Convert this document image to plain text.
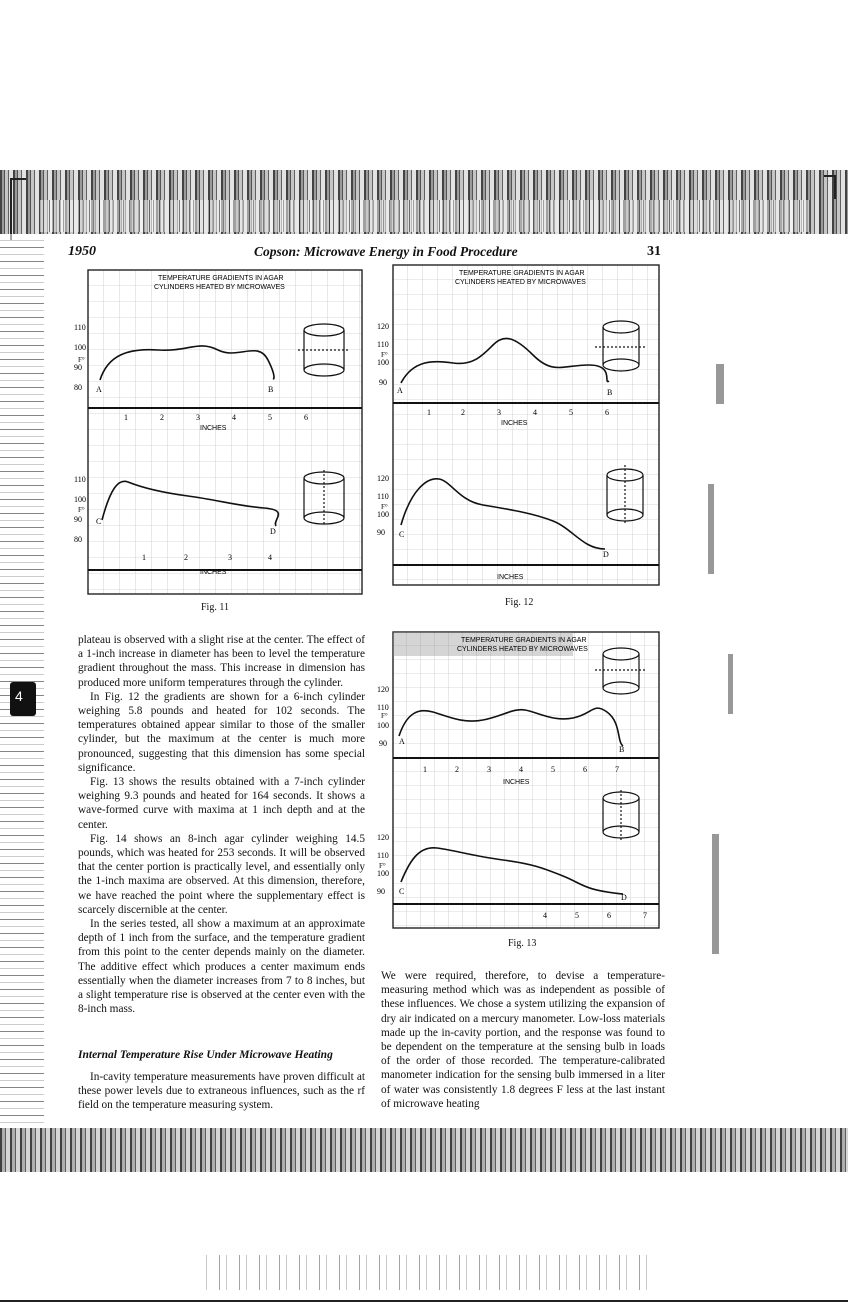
1950	Copson: Microwave Energy in Food Procedure	31
TEMPERATURE GRADIENTS IN AGAR
CYLINDERS HEATED BY MICROWAVES
80
90
100
110
F°
A	B
1	2	3	4	5	6
INCHES
80
90
100
110
F°
C
D
1	2	3	4
INCHES
Fig. 11
TEMPERATURE GRADIENTS IN AGAR
CYLINDERS HEATED BY MICROWAVES
90
100
110
120
F°
A	B
1	2	3	4	5	6
INCHES
90
100
110
120
F°
C
D
INCHES
Fig. 12
TEMPERATURE GRADIENTS IN AGAR
CYLINDERS HEATED BY MICROWAVES
90
100
110
120
F°
A
B
1	2	3	4	5	6	7
INCHES
90
100
110
120
F°
C
D
4	5	6	7
Fig. 13
4

plateau is observed with a slight rise at the center. The effect of a 1-inch increase in diameter has been to level the temperature gradient throughout the mass. This increase in dimension has produced more uniform temperatures through the cylinder.

In Fig. 12 the gradients are shown for a 6-inch cylinder weighing 5.8 pounds and heated for 102 seconds. The temperatures obtained appear similar to those of the smaller cylinder, but the maximum at the center is much more pronounced, suggesting that this dimension has some special significance.

Fig. 13 shows the results obtained with a 7-inch cylinder weighing 9.3 pounds and heated for 164 seconds. It shows a wave-formed curve with maxima at 1 inch depth and at the center.

Fig. 14 shows an 8-inch agar cylinder weighing 14.5 pounds, which was heated for 253 seconds. It will be observed that the center portion is practically level, and essentially only the 1-inch maxima are observed. At this dimension, therefore, we have reached the point where the supplementary effect is scarcely discernible at the center.

In the series tested, all show a maximum at an approximate depth of 1 inch from the surface, and the temperature gradient from this point to the center depends mainly on the diameter. The additive effect which produces a center maximum ends essentially when the diameter increases from 7 to 8 inches, but a slight temperature rise is observed at the center even with the 8-inch mass.

Internal Temperature Rise Under Microwave Heating

In-cavity temperature measurements have proven difficult at these power levels due to extraneous influences, such as the rf field on the temperature measuring system.

We were required, therefore, to devise a temperature-measuring method which was as independent as possible of these influences. We chose a system utilizing the expansion of dry air indicated on a mercury manometer. Low-loss materials made up the in-cavity portion, and the response was found to be dependent on the temperature at the sensing bulb in loads of the order of those recorded. The temperature-calibrated manometer indication for the sensing bulb immersed in a liter of water was consistently 1.8 degrees F less at the last instant of microwave heating
